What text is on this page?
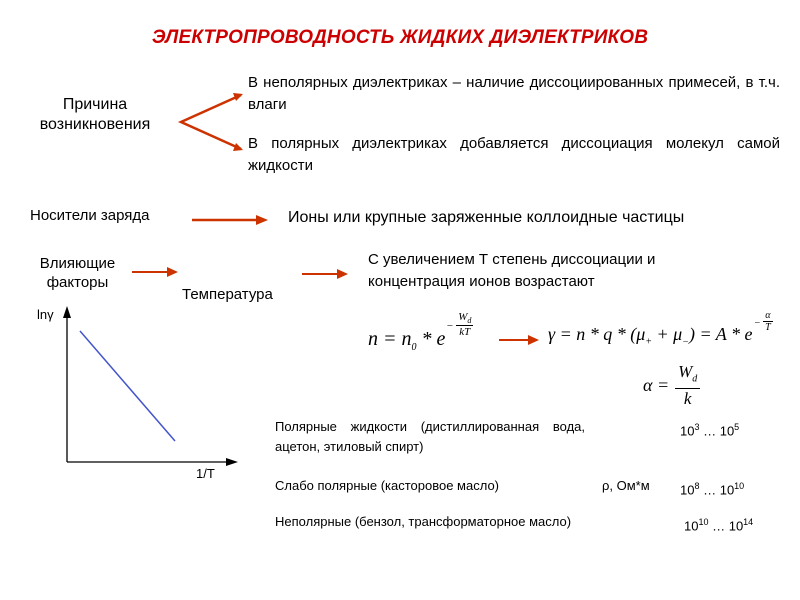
ЭЛЕКТРОПРОВОДНОСТЬ ЖИДКИХ ДИЭЛЕКТРИКОВ
Причина
возникновения
В неполярных диэлектриках – наличие диссоциированных примесей, в т.ч. влаги
В полярных диэлектриках добавляется диссоциация молекул самой жидкости
Носители заряда	Ионы или крупные заряженные коллоидные частицы
Влияющие
факторы
Температура
С увеличением Т степень диссоциации и
концентрация ионов возрастают
$n = n_0 * e$
− $\frac{W_d}{kT}$	$\gamma = n * q * (\mu_+ + \mu_-) = A * e$
− $\frac{\alpha}{T}$
$\alpha = \frac{W_d}{k}$
lnγ
1/T
Полярные жидкости (дистиллированная вода, ацетон, этиловый спирт)
$10^3$ … $10^5$
Слабо полярные (касторовое масло)	ρ, Ом*м $10^8$ … $10^{10}$
Неполярные (бензол, трансформаторное масло)	$10^{10}$ … $10^{14}$
